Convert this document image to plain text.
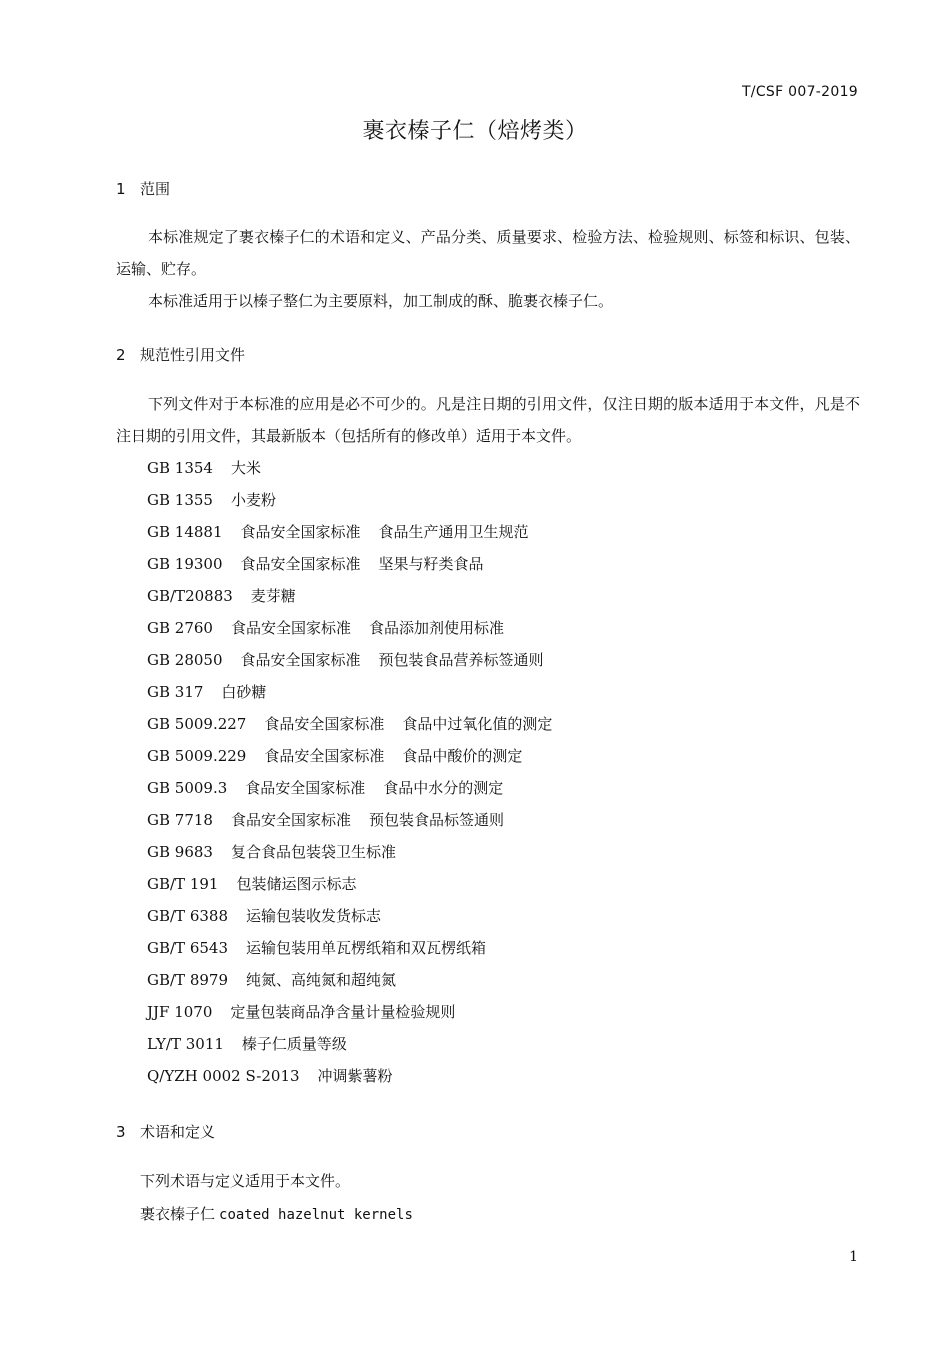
T/CSF 007-2019
裹衣榛子仁（焙烤类）
1 范围
本标准规定了裹衣榛子仁的术语和定义、产品分类、质量要求、检验方法、检验规则、标签和标识、包装、运输、贮存。
本标准适用于以榛子整仁为主要原料，加工制成的酥、脆裹衣榛子仁。
2 规范性引用文件
下列文件对于本标准的应用是必不可少的。凡是注日期的引用文件，仅注日期的版本适用于本文件，凡是不注日期的引用文件，其最新版本（包括所有的修改单）适用于本文件。
GB 1354 大米
GB 1355 小麦粉
GB 14881 食品安全国家标准 食品生产通用卫生规范
GB 19300 食品安全国家标准 坚果与籽类食品
GB/T20883 麦芽糖
GB 2760 食品安全国家标准 食品添加剂使用标准
GB 28050 食品安全国家标准 预包装食品营养标签通则
GB 317 白砂糖
GB 5009.227 食品安全国家标准 食品中过氧化值的测定
GB 5009.229 食品安全国家标准 食品中酸价的测定
GB 5009.3 食品安全国家标准 食品中水分的测定
GB 7718 食品安全国家标准 预包装食品标签通则
GB 9683 复合食品包装袋卫生标准
GB/T 191 包装储运图示标志
GB/T 6388 运输包装收发货标志
GB/T 6543 运输包装用单瓦楞纸箱和双瓦楞纸箱
GB/T 8979 纯氮、高纯氮和超纯氮
JJF 1070 定量包装商品净含量计量检验规则
LY/T 3011 榛子仁质量等级
Q/YZH 0002 S-2013 冲调紫薯粉
3 术语和定义
下列术语与定义适用于本文件。
裹衣榛子仁 coated hazelnut kernels
1
